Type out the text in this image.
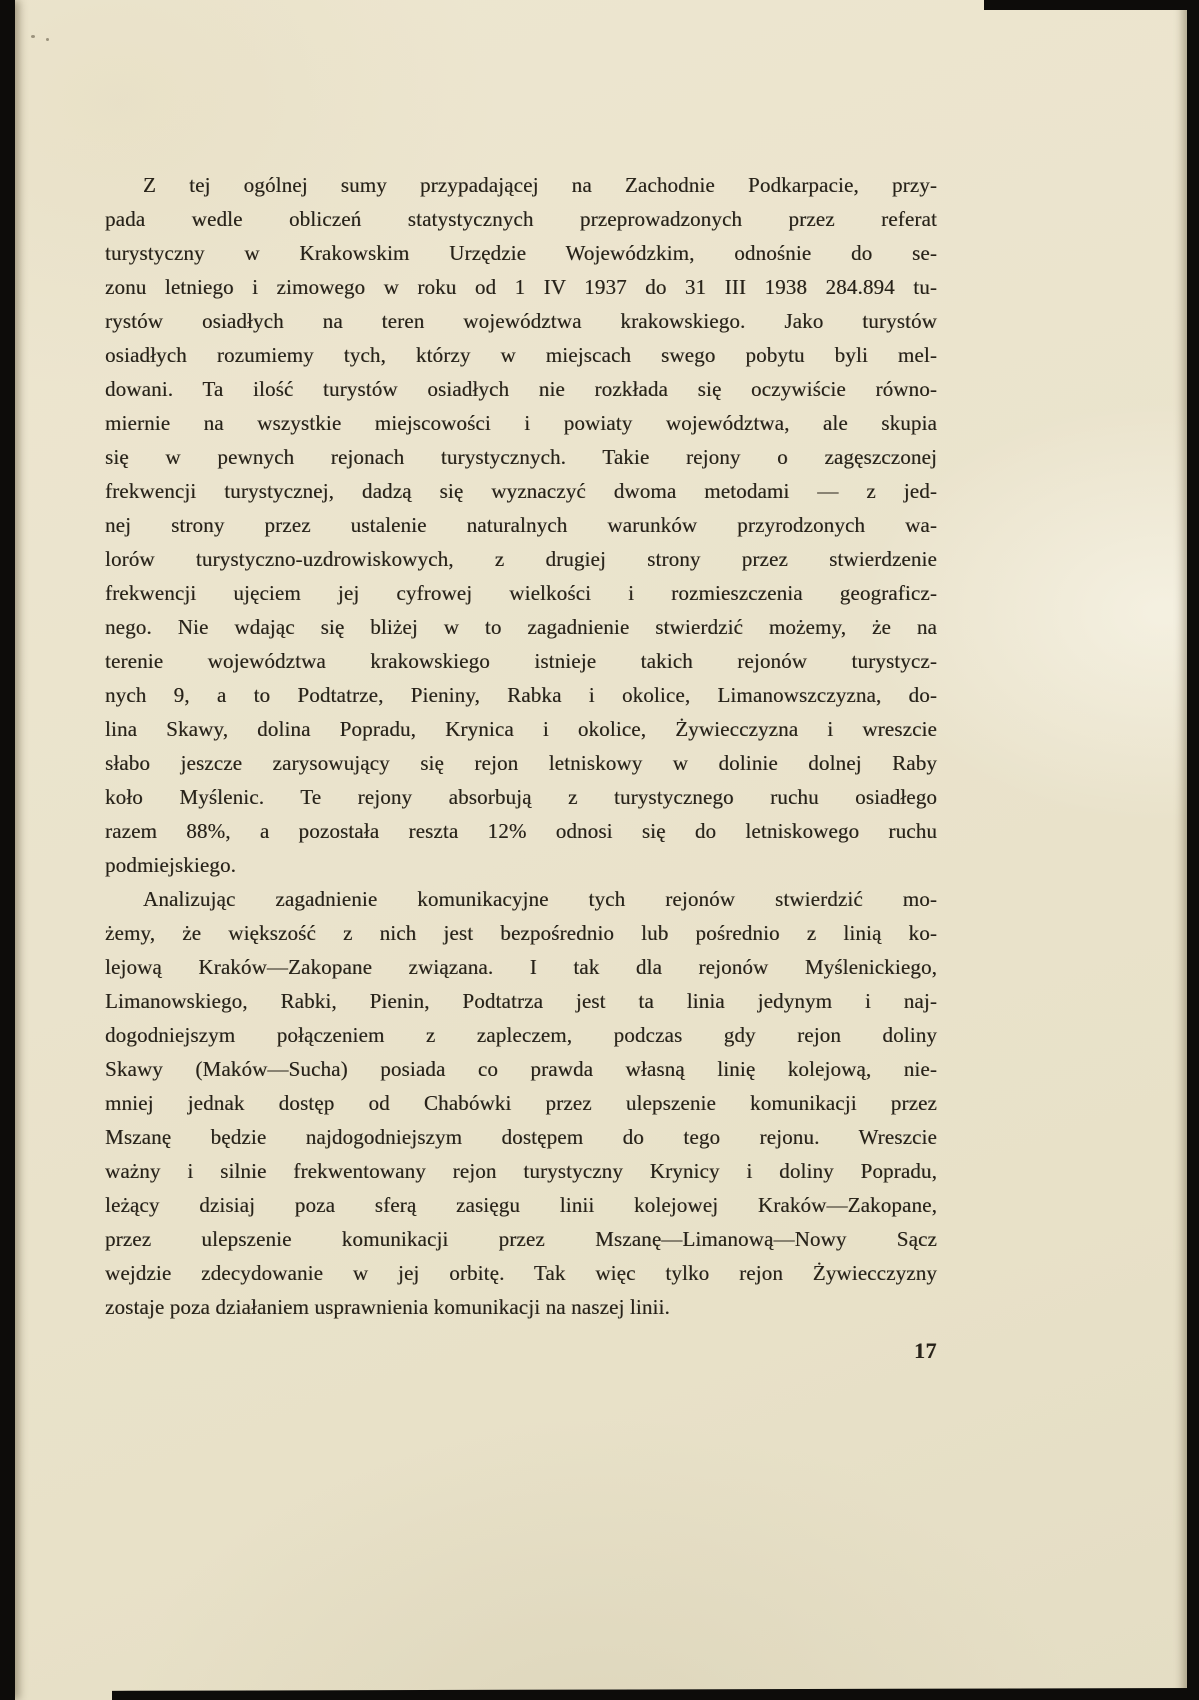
Z tej ogólnej sumy przypadającej na Zachodnie Podkarpacie, przy-
pada wedle obliczeń statystycznych przeprowadzonych przez referat
turystyczny w Krakowskim Urzędzie Wojewódzkim, odnośnie do se-
zonu letniego i zimowego w roku od 1 IV 1937 do 31 III 1938 284.894 tu-
rystów osiadłych na teren województwa krakowskiego. Jako turystów
osiadłych rozumiemy tych, którzy w miejscach swego pobytu byli mel-
dowani. Ta ilość turystów osiadłych nie rozkłada się oczywiście równo-
miernie na wszystkie miejscowości i powiaty województwa, ale skupia
się w pewnych rejonach turystycznych. Takie rejony o zagęszczonej
frekwencji turystycznej, dadzą się wyznaczyć dwoma metodami — z jed-
nej strony przez ustalenie naturalnych warunków przyrodzonych wa-
lorów turystyczno-uzdrowiskowych, z drugiej strony przez stwierdzenie
frekwencji ujęciem jej cyfrowej wielkości i rozmieszczenia geograficz-
nego. Nie wdając się bliżej w to zagadnienie stwierdzić możemy, że na
terenie województwa krakowskiego istnieje takich rejonów turystycz-
nych 9, a to Podtatrze, Pieniny, Rabka i okolice, Limanowszczyzna, do-
lina Skawy, dolina Popradu, Krynica i okolice, Żywiecczyzna i wreszcie
słabo jeszcze zarysowujący się rejon letniskowy w dolinie dolnej Raby
koło Myślenic. Te rejony absorbują z turystycznego ruchu osiadłego
razem 88%, a pozostała reszta 12% odnosi się do letniskowego ruchu
podmiejskiego.
Analizując zagadnienie komunikacyjne tych rejonów stwierdzić mo-
żemy, że większość z nich jest bezpośrednio lub pośrednio z linią ko-
lejową Kraków—Zakopane związana. I tak dla rejonów Myślenickiego,
Limanowskiego, Rabki, Pienin, Podtatrza jest ta linia jedynym i naj-
dogodniejszym połączeniem z zapleczem, podczas gdy rejon doliny
Skawy (Maków—Sucha) posiada co prawda własną linię kolejową, nie-
mniej jednak dostęp od Chabówki przez ulepszenie komunikacji przez
Mszanę będzie najdogodniejszym dostępem do tego rejonu. Wreszcie
ważny i silnie frekwentowany rejon turystyczny Krynicy i doliny Popradu,
leżący dzisiaj poza sferą zasięgu linii kolejowej Kraków—Zakopane,
przez ulepszenie komunikacji przez Mszanę—Limanową—Nowy Sącz
wejdzie zdecydowanie w jej orbitę. Tak więc tylko rejon Żywiecczyzny
zostaje poza działaniem usprawnienia komunikacji na naszej linii.
17
